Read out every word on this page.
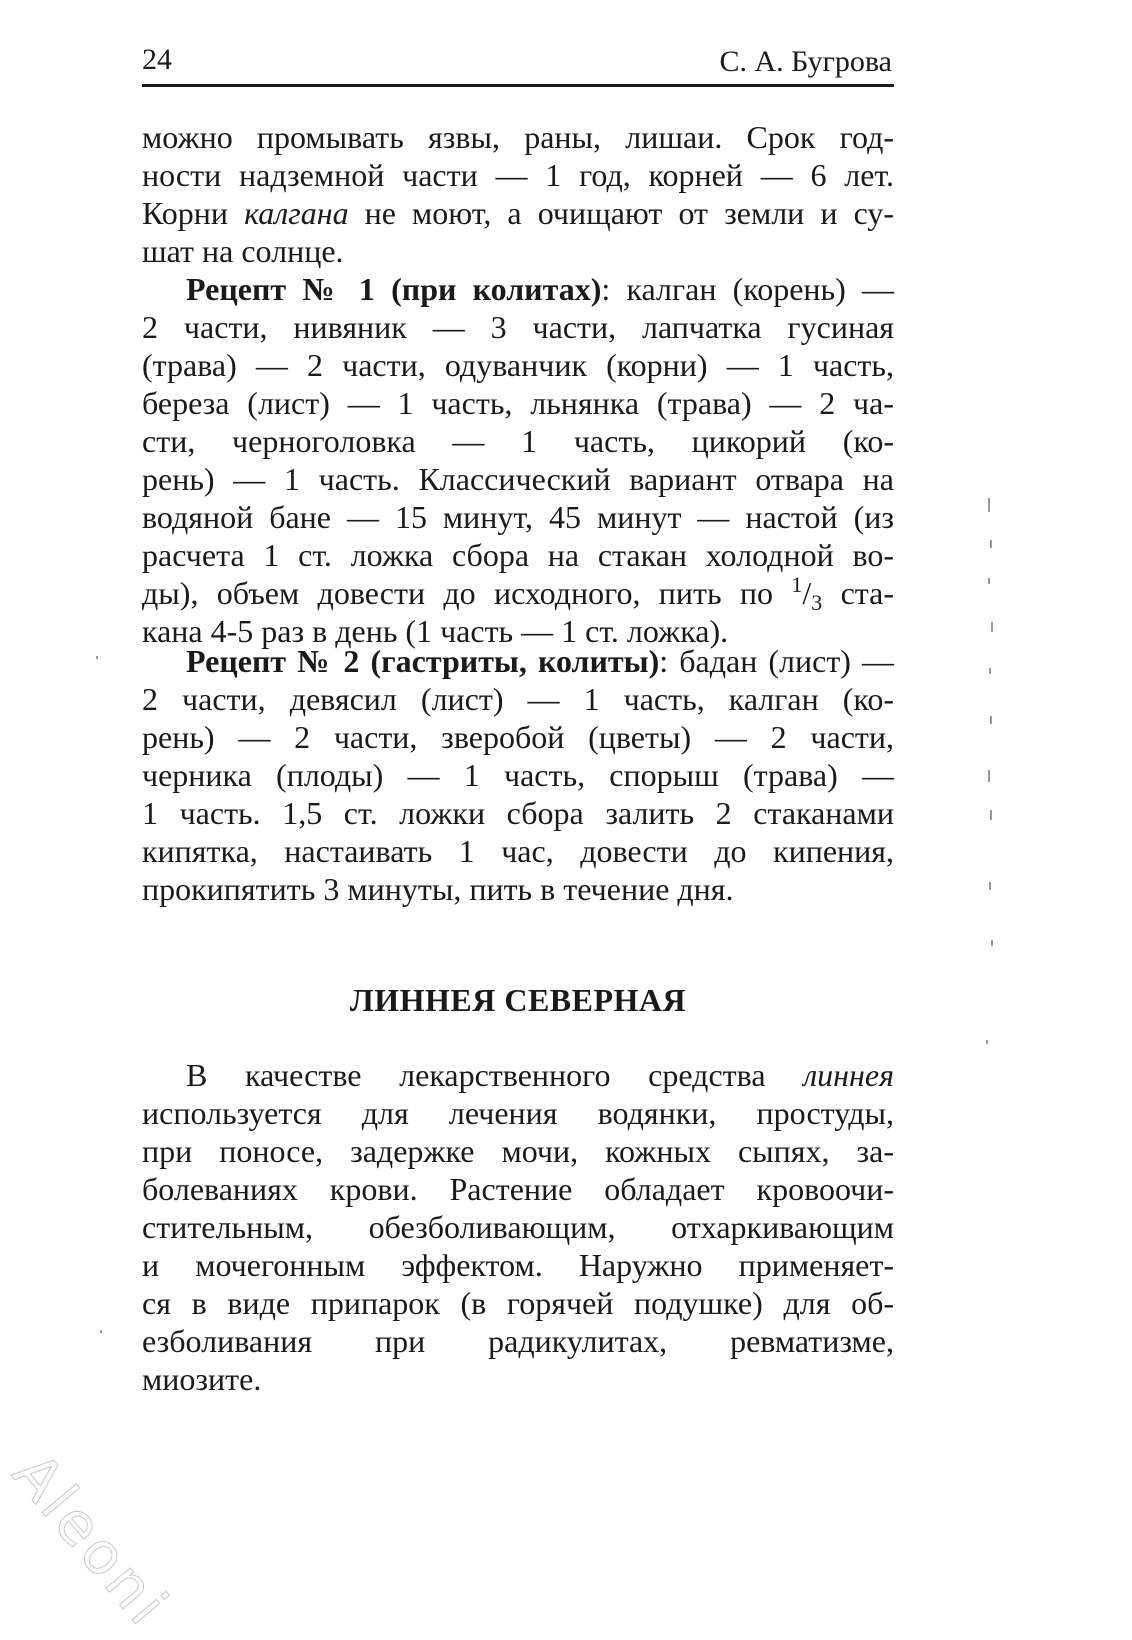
24	С. А. Бугрова
можно промывать язвы, раны, лишаи. Срок год-
ности надземной части — 1 год, корней — 6 лет.
Корни калгана не моют, а очищают от земли и су-
шат на солнце.
Рецепт № 1 (при колитах): калган (корень) —
2 части, нивяник — 3 части, лапчатка гусиная
(трава) — 2 части, одуванчик (корни) — 1 часть,
береза (лист) — 1 часть, льнянка (трава) — 2 ча-
сти, черноголовка — 1 часть, цикорий (ко-
рень) — 1 часть. Классический вариант отвара на
водяной бане — 15 минут, 45 минут — настой (из
расчета 1 ст. ложка сбора на стакан холодной во-
ды), объем довести до исходного, пить по $^1$/3 ста-
кана 4-5 раз в день (1 часть — 1 ст. ложка).
Рецепт № 2 (гастриты, колиты): бадан (лист) —
2 части, девясил (лист) — 1 часть, калган (ко-
рень) — 2 части, зверобой (цветы) — 2 части,
черника (плоды) — 1 часть, спорыш (трава) —
1 часть. 1,5 ст. ложки сбора залить 2 стаканами
кипятка, настаивать 1 час, довести до кипения,
прокипятить 3 минуты, пить в течение дня.
ЛИННЕЯ СЕВЕРНАЯ
В качестве лекарственного средства линнея
используется для лечения водянки, простуды,
при поносе, задержке мочи, кожных сыпях, за-
болеваниях крови. Растение обладает кровоочи-
стительным, обезболивающим, отхаркивающим
и мочегонным эффектом. Наружно применяет-
ся в виде припарок (в горячей подушке) для об-
езболивания при радикулитах, ревматизме,
миозите.
Aleoni
